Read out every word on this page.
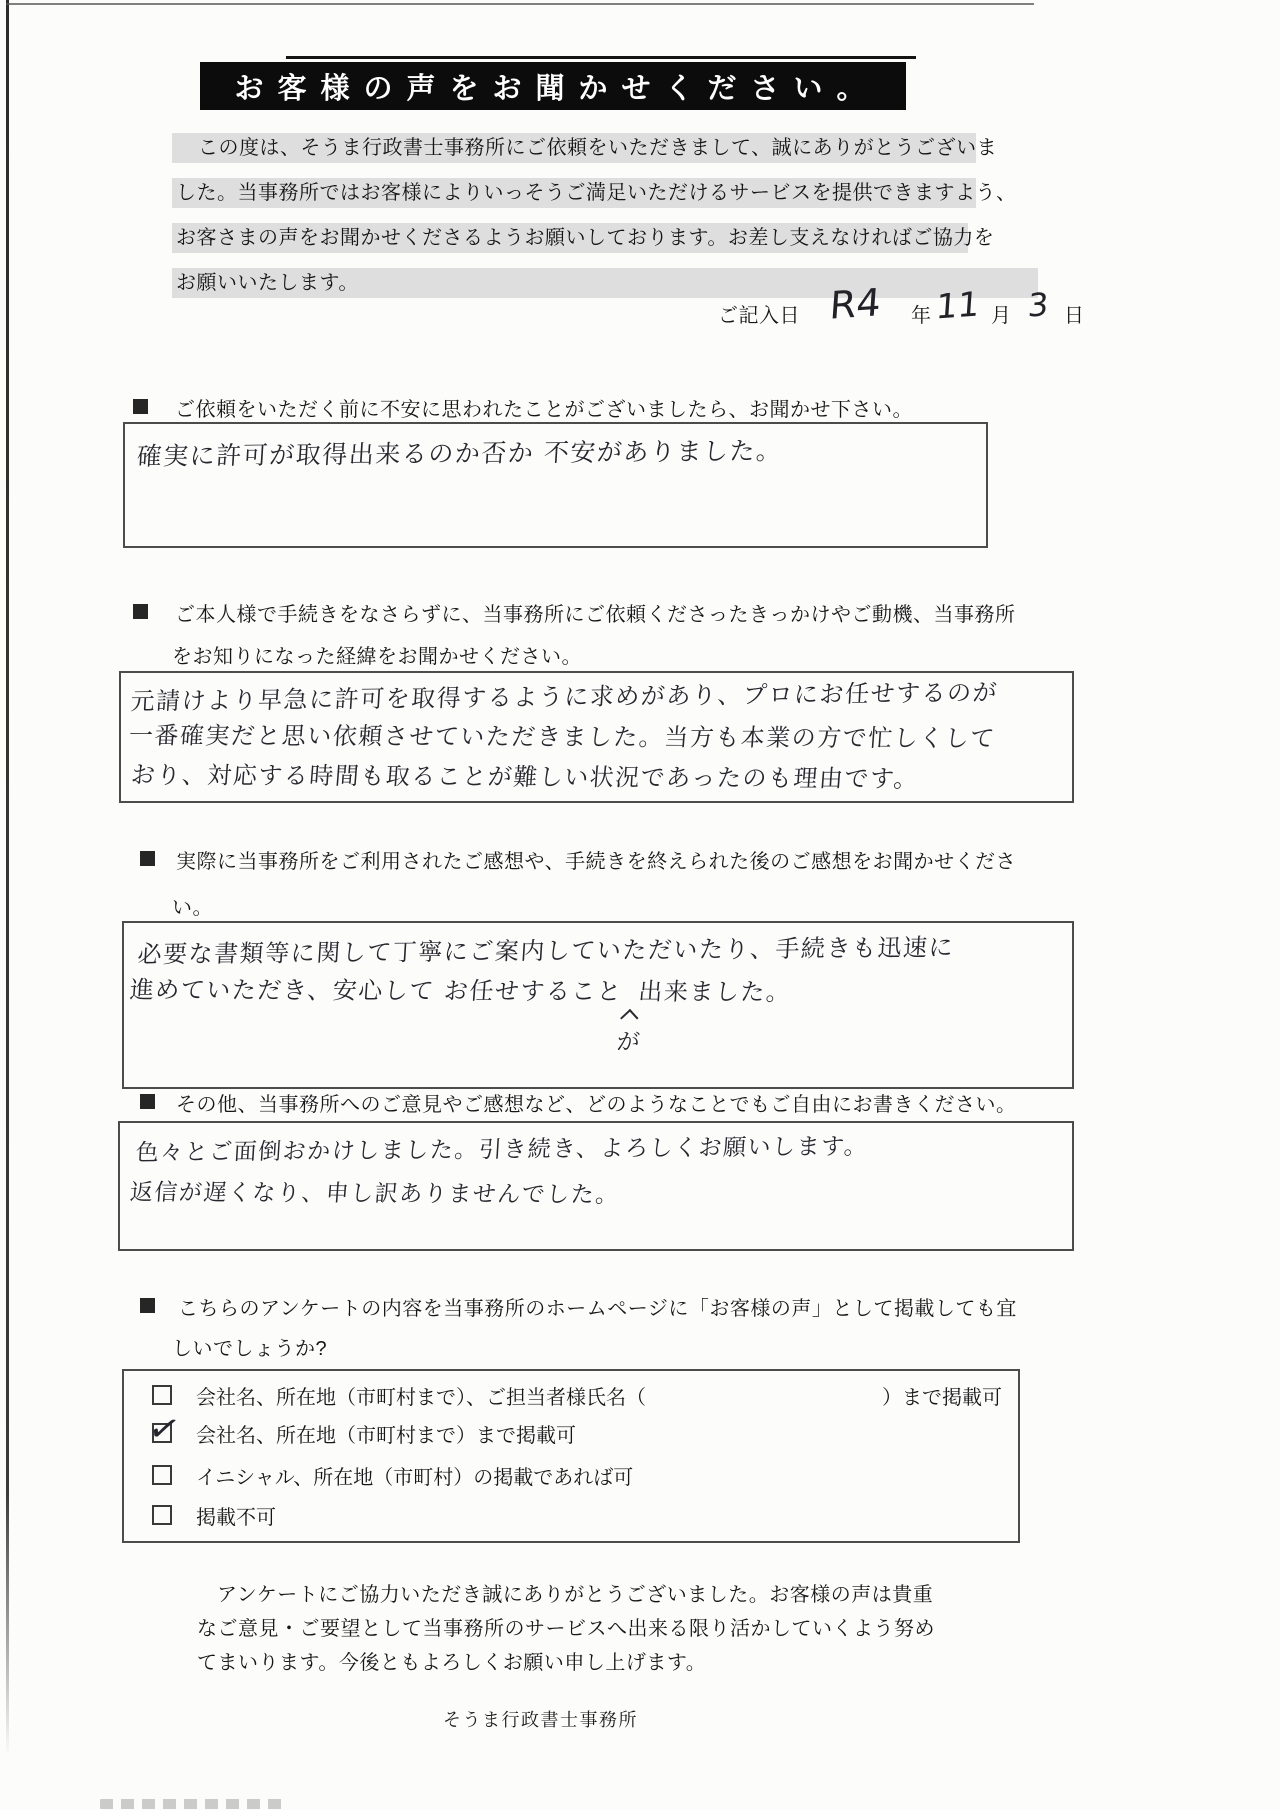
お客様の声をお聞かせください。
この度は、そうま行政書士事務所にご依頼をいただきまして、誠にありがとうございま
した。当事務所ではお客様によりいっそうご満足いただけるサービスを提供できますよう、
お客さまの声をお聞かせくださるようお願いしております。お差し支えなければご協力を
お願いいたします。
ご記入日 R4 年 11 月 3 日
ご依頼をいただく前に不安に思われたことがございましたら、お聞かせ下さい。
確実に許可が取得出来るのか否か 不安がありました。
ご本人様で手続きをなさらずに、当事務所にご依頼くださったきっかけやご動機、当事務所
をお知りになった経緯をお聞かせください。
元請けより早急に許可を取得するように求めがあり、プロにお任せするのが
一番確実だと思い依頼させていただきました。当方も本業の方で忙しくして
おり、対応する時間も取ることが難しい状況であったのも理由です。
実際に当事務所をご利用されたご感想や、手続きを終えられた後のご感想をお聞かせくださ
い。
必要な書類等に関して丁寧にご案内していただいたり、手続きも迅速に
進めていただき、安心して お任せすること
が
出来ました。
その他、当事務所へのご意見やご感想など、どのようなことでもご自由にお書きください。
色々とご面倒おかけしました。引き続き、よろしくお願いします。
返信が遅くなり、申し訳ありませんでした。
こちらのアンケートの内容を当事務所のホームページに「お客様の声」として掲載しても宜
しいでしょうか?
会社名、所在地（市町村まで）、ご担当者様氏名（	）まで掲載可
✓ 会社名、所在地（市町村まで）まで掲載可
イニシャル、所在地（市町村）の掲載であれば可
掲載不可
アンケートにご協力いただき誠にありがとうございました。お客様の声は貴重
なご意見・ご要望として当事務所のサービスへ出来る限り活かしていくよう努め
てまいります。今後ともよろしくお願い申し上げます。
そうま行政書士事務所
